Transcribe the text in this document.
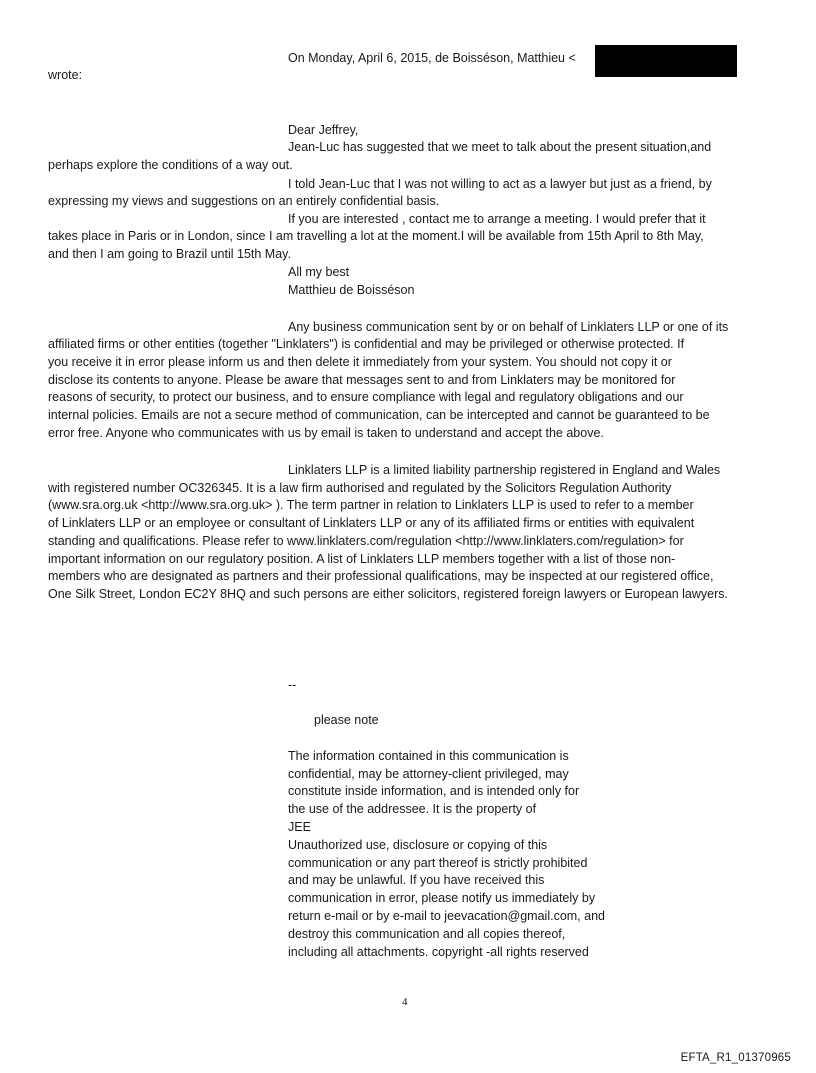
On Monday, April 6, 2015, de Boisséson, Matthieu <
wrote:
Dear Jeffrey,
Jean-Luc has suggested that we meet to talk about the present situation,and
perhaps explore the conditions of a way out.
I told Jean-Luc that I was not willing to act as a lawyer but just as a friend, by
expressing my views and suggestions on an entirely confidential basis.
If you are interested , contact me to arrange a meeting. I would prefer that it
takes place in Paris or in London, since I am travelling a lot at the moment.I will be available from 15th April to 8th May,
and then I am going to Brazil until 15th May.
All my best
Matthieu de Boisséson
Any business communication sent by or on behalf of Linklaters LLP or one of its
affiliated firms or other entities (together "Linklaters") is confidential and may be privileged or otherwise protected. If
you receive it in error please inform us and then delete it immediately from your system. You should not copy it or
disclose its contents to anyone. Please be aware that messages sent to and from Linklaters may be monitored for
reasons of security, to protect our business, and to ensure compliance with legal and regulatory obligations and our
internal policies. Emails are not a secure method of communication, can be intercepted and cannot be guaranteed to be
error free. Anyone who communicates with us by email is taken to understand and accept the above.
Linklaters LLP is a limited liability partnership registered in England and Wales
with registered number OC326345. It is a law firm authorised and regulated by the Solicitors Regulation Authority
(www.sra.org.uk <http://www.sra.org.uk> ). The term partner in relation to Linklaters LLP is used to refer to a member
of Linklaters LLP or an employee or consultant of Linklaters LLP or any of its affiliated firms or entities with equivalent
standing and qualifications. Please refer to www.linklaters.com/regulation <http://www.linklaters.com/regulation> for
important information on our regulatory position. A list of Linklaters LLP members together with a list of those non-
members who are designated as partners and their professional qualifications, may be inspected at our registered office,
One Silk Street, London EC2Y 8HQ and such persons are either solicitors, registered foreign lawyers or European lawyers.
--
please note
The information contained in this communication is
confidential, may be attorney-client privileged, may
constitute inside information, and is intended only for
the use of the addressee. It is the property of
JEE
Unauthorized use, disclosure or copying of this
communication or any part thereof is strictly prohibited
and may be unlawful. If you have received this
communication in error, please notify us immediately by
return e-mail or by e-mail to jeevacation@gmail.com, and
destroy this communication and all copies thereof,
including all attachments. copyright -all rights reserved
4
EFTA_R1_01370965
